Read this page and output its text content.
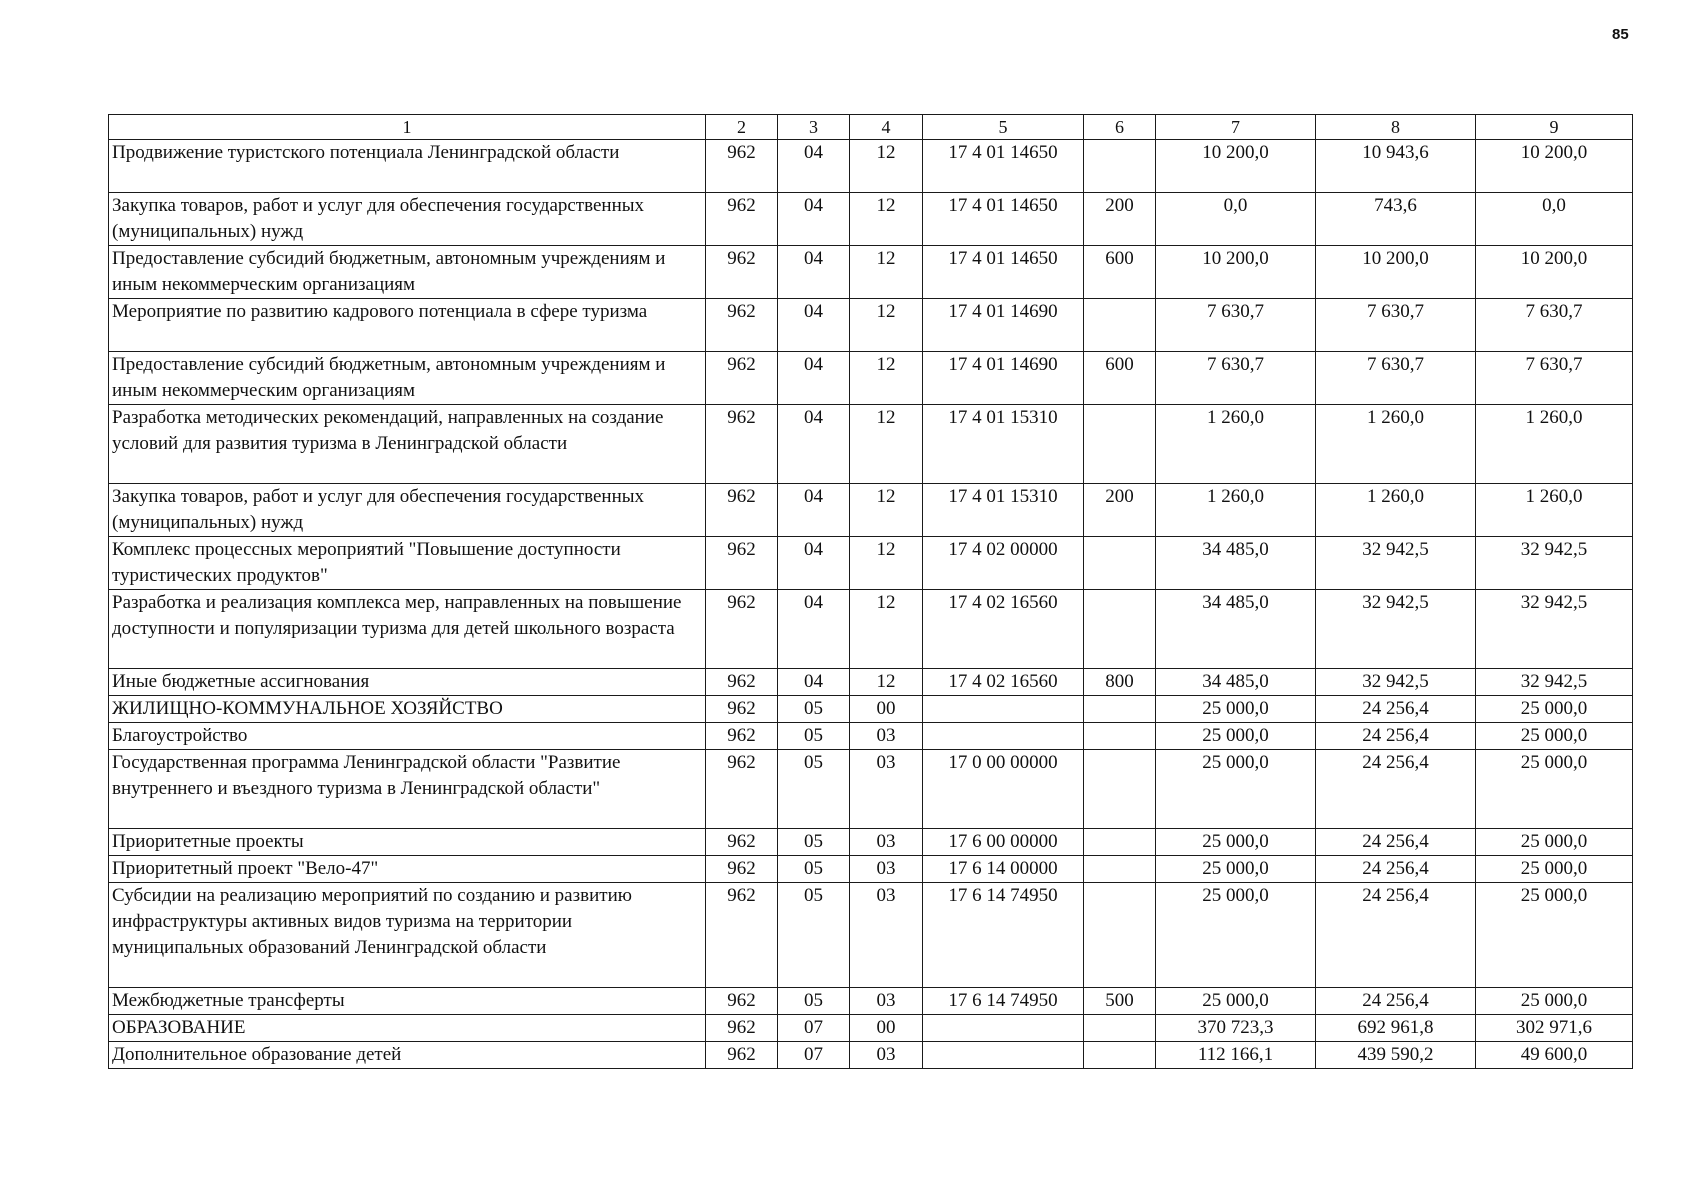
85
1	2	3	4	5	6	7	8	9
Продвижение туристского потенциала Ленинградской области	962	04	12	17 4 01 14650		10 200,0	10 943,6	10 200,0
Закупка товаров, работ и услуг для обеспечения государственных (муниципальных) нужд	962	04	12	17 4 01 14650	200	0,0	743,6	0,0
Предоставление субсидий бюджетным, автономным учреждениям и иным некоммерческим организациям	962	04	12	17 4 01 14650	600	10 200,0	10 200,0	10 200,0
Мероприятие по развитию кадрового потенциала в сфере туризма	962	04	12	17 4 01 14690		7 630,7	7 630,7	7 630,7
Предоставление субсидий бюджетным, автономным учреждениям и иным некоммерческим организациям	962	04	12	17 4 01 14690	600	7 630,7	7 630,7	7 630,7
Разработка методических рекомендаций, направленных на создание условий для развития туризма в Ленинградской области	962	04	12	17 4 01 15310		1 260,0	1 260,0	1 260,0
Закупка товаров, работ и услуг для обеспечения государственных (муниципальных) нужд	962	04	12	17 4 01 15310	200	1 260,0	1 260,0	1 260,0
Комплекс процессных мероприятий "Повышение доступности туристических продуктов"	962	04	12	17 4 02 00000		34 485,0	32 942,5	32 942,5
Разработка и реализация комплекса мер, направленных на повышение доступности и популяризации туризма для детей школьного возраста	962	04	12	17 4 02 16560		34 485,0	32 942,5	32 942,5
Иные бюджетные ассигнования	962	04	12	17 4 02 16560	800	34 485,0	32 942,5	32 942,5
ЖИЛИЩНО-КОММУНАЛЬНОЕ ХОЗЯЙСТВО	962	05	00			25 000,0	24 256,4	25 000,0
Благоустройство	962	05	03			25 000,0	24 256,4	25 000,0
Государственная программа Ленинградской области "Развитие внутреннего и въездного туризма в Ленинградской области"	962	05	03	17 0 00 00000		25 000,0	24 256,4	25 000,0
Приоритетные проекты	962	05	03	17 6 00 00000		25 000,0	24 256,4	25 000,0
Приоритетный проект "Вело-47"	962	05	03	17 6 14 00000		25 000,0	24 256,4	25 000,0
Субсидии на реализацию мероприятий по созданию и развитию инфраструктуры активных видов туризма на территории муниципальных образований Ленинградской области	962	05	03	17 6 14 74950		25 000,0	24 256,4	25 000,0
Межбюджетные трансферты	962	05	03	17 6 14 74950	500	25 000,0	24 256,4	25 000,0
ОБРАЗОВАНИЕ	962	07	00			370 723,3	692 961,8	302 971,6
Дополнительное образование детей	962	07	03			112 166,1	439 590,2	49 600,0
